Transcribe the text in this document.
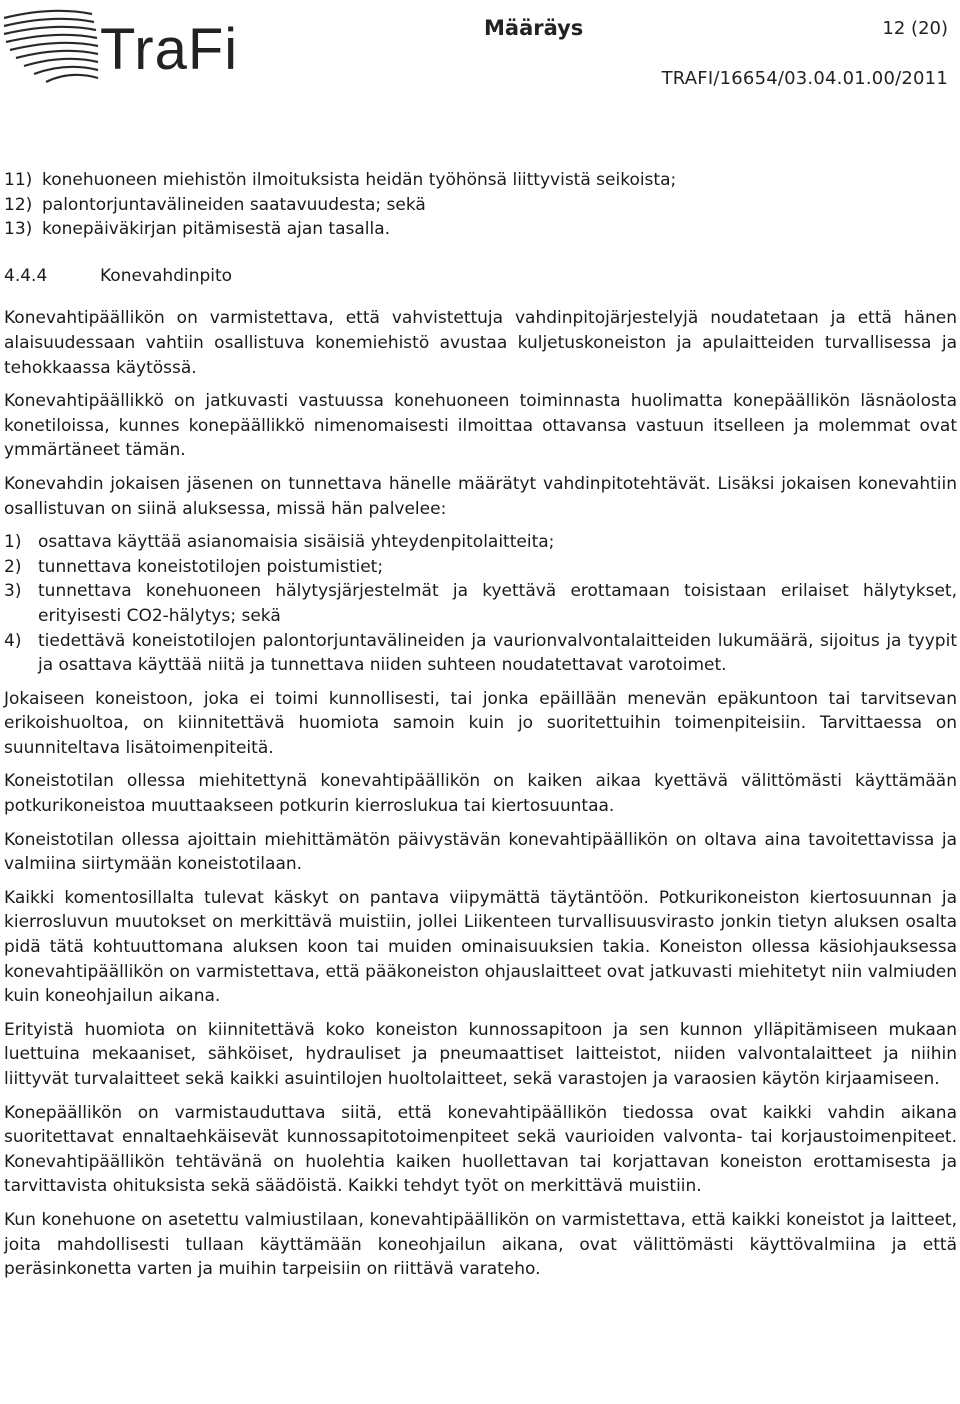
TraFi	Määräys	12 (20)
TRAFI/16654/03.04.01.00/2011
11) konehuoneen miehistön ilmoituksista heidän työhönsä liittyvistä seikoista;
12) palontorjuntavälineiden saatavuudesta; sekä
13) konepäiväkirjan pitämisestä ajan tasalla.
4.4.4	Konevahdinpito

Konevahtipäällikön on varmistettava, että vahvistettuja vahdinpitojärjestelyjä noudatetaan ja että hänen alaisuudessaan vahtiin osallistuva konemiehistö avustaa kuljetuskoneiston ja apulaitteiden turvallisessa ja tehokkaassa käytössä.

Konevahtipäällikkö on jatkuvasti vastuussa konehuoneen toiminnasta huolimatta konepäällikön läsnäolosta konetiloissa, kunnes konepäällikkö nimenomaisesti ilmoittaa ottavansa vastuun itselleen ja molemmat ovat ymmärtäneet tämän.

Konevahdin jokaisen jäsenen on tunnettava hänelle määrätyt vahdinpitotehtävät. Lisäksi jokaisen konevahtiin osallistuvan on siinä aluksessa, missä hän palvelee:

1) osattava käyttää asianomaisia sisäisiä yhteydenpitolaitteita;
2) tunnettava koneistotilojen poistumistiet;
3) tunnettava konehuoneen hälytysjärjestelmät ja kyettävä erottamaan toisistaan erilaiset hälytykset, erityisesti CO2-hälytys; sekä
4) tiedettävä koneistotilojen palontorjuntavälineiden ja vaurionvalvontalaitteiden lukumäärä, sijoitus ja tyypit ja osattava käyttää niitä ja tunnettava niiden suhteen noudatettavat varotoimet.

Jokaiseen koneistoon, joka ei toimi kunnollisesti, tai jonka epäillään menevän epäkuntoon tai tarvitsevan erikoishuoltoa, on kiinnitettävä huomiota samoin kuin jo suoritettuihin toimenpiteisiin. Tarvittaessa on suunniteltava lisätoimenpiteitä.

Koneistotilan ollessa miehitettynä konevahtipäällikön on kaiken aikaa kyettävä välittömästi käyttämään potkurikoneistoa muuttaakseen potkurin kierroslukua tai kiertosuuntaa.

Koneistotilan ollessa ajoittain miehittämätön päivystävän konevahtipäällikön on oltava aina tavoitettavissa ja valmiina siirtymään koneistotilaan.

Kaikki komentosillalta tulevat käskyt on pantava viipymättä täytäntöön. Potkurikoneiston kiertosuunnan ja kierrosluvun muutokset on merkittävä muistiin, jollei Liikenteen turvallisuusvirasto jonkin tietyn aluksen osalta pidä tätä kohtuuttomana aluksen koon tai muiden ominaisuuksien takia. Koneiston ollessa käsiohjauksessa konevahtipäällikön on varmistettava, että pääkoneiston ohjauslaitteet ovat jatkuvasti miehitetyt niin valmiuden kuin koneohjailun aikana.

Erityistä huomiota on kiinnitettävä koko koneiston kunnossapitoon ja sen kunnon ylläpitämiseen mukaan luettuina mekaaniset, sähköiset, hydrauliset ja pneumaattiset laitteistot, niiden valvontalaitteet ja niihin liittyvät turvalaitteet sekä kaikki asuintilojen huoltolaitteet, sekä varastojen ja varaosien käytön kirjaamiseen.

Konepäällikön on varmistauduttava siitä, että konevahtipäällikön tiedossa ovat kaikki vahdin aikana suoritettavat ennaltaehkäisevät kunnossapitotoimenpiteet sekä vaurioiden valvonta- tai korjaustoimenpiteet. Konevahtipäällikön tehtävänä on huolehtia kaiken huollettavan tai korjattavan koneiston erottamisesta ja tarvittavista ohituksista sekä säädöistä. Kaikki tehdyt työt on merkittävä muistiin.

Kun konehuone on asetettu valmiustilaan, konevahtipäällikön on varmistettava, että kaikki koneistot ja laitteet, joita mahdollisesti tullaan käyttämään koneohjailun aikana, ovat välittömästi käyttövalmiina ja että peräsinkonetta varten ja muihin tarpeisiin on riittävä varateho.
